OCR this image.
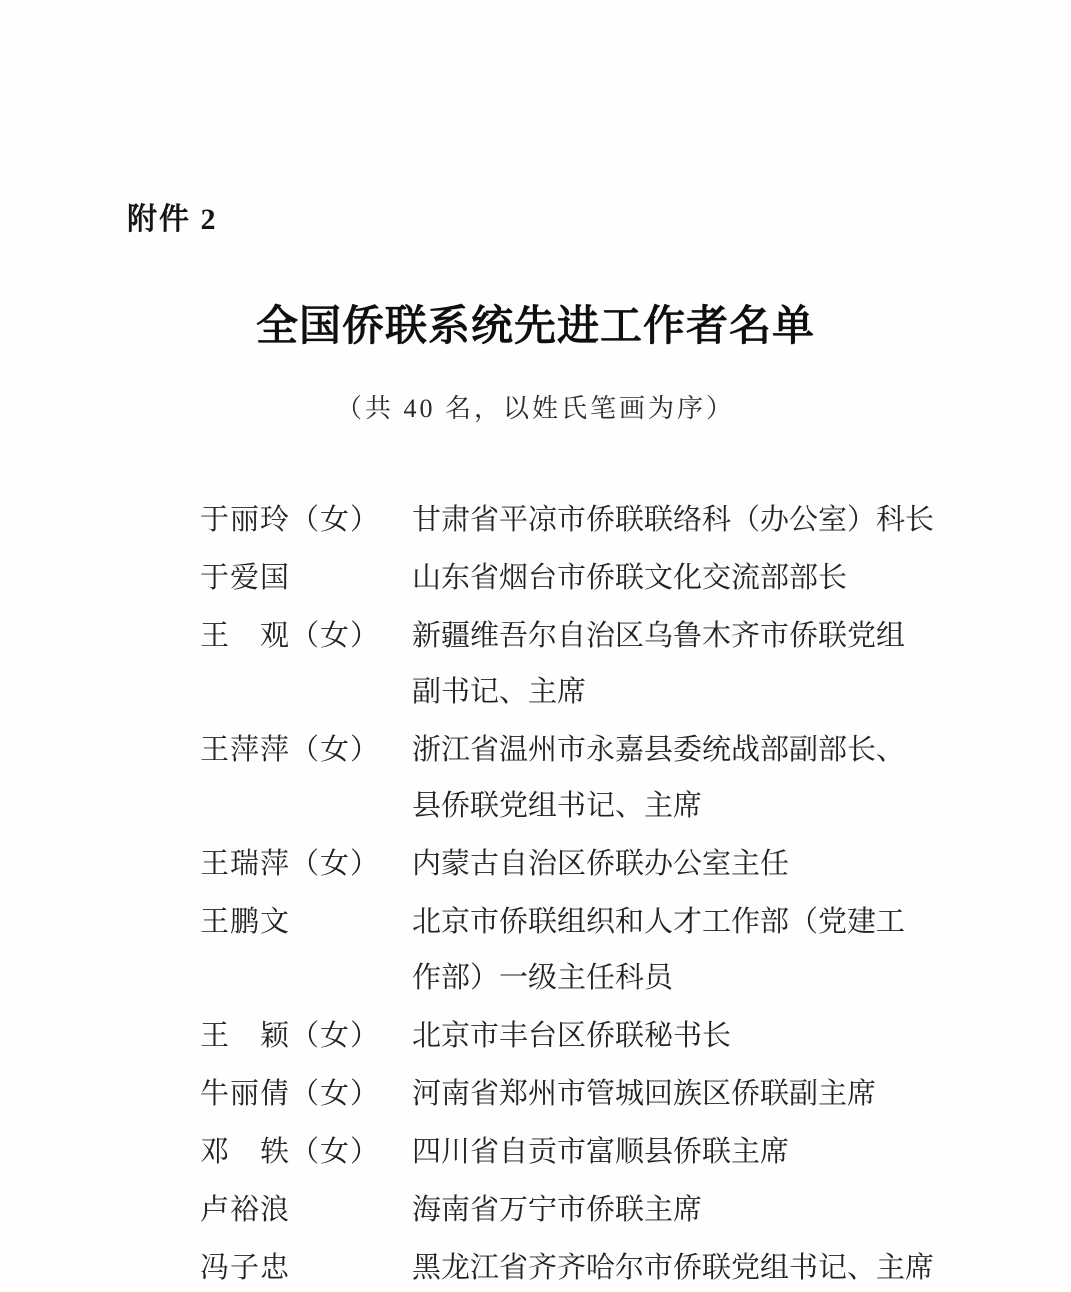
附件 2
全国侨联系统先进工作者名单
（共 40 名，以姓氏笔画为序）
于丽玲（女）	甘肃省平凉市侨联联络科（办公室）科长
于爱国	山东省烟台市侨联文化交流部部长
王　观（女）	新疆维吾尔自治区乌鲁木齐市侨联党组
副书记、主席
王萍萍（女）	浙江省温州市永嘉县委统战部副部长、
县侨联党组书记、主席
王瑞萍（女）	内蒙古自治区侨联办公室主任
王鹏文	北京市侨联组织和人才工作部（党建工
作部）一级主任科员
王　颖（女）	北京市丰台区侨联秘书长
牛丽倩（女）	河南省郑州市管城回族区侨联副主席
邓　轶（女）	四川省自贡市富顺县侨联主席
卢裕浪	海南省万宁市侨联主席
冯子忠	黑龙江省齐齐哈尔市侨联党组书记、主席
